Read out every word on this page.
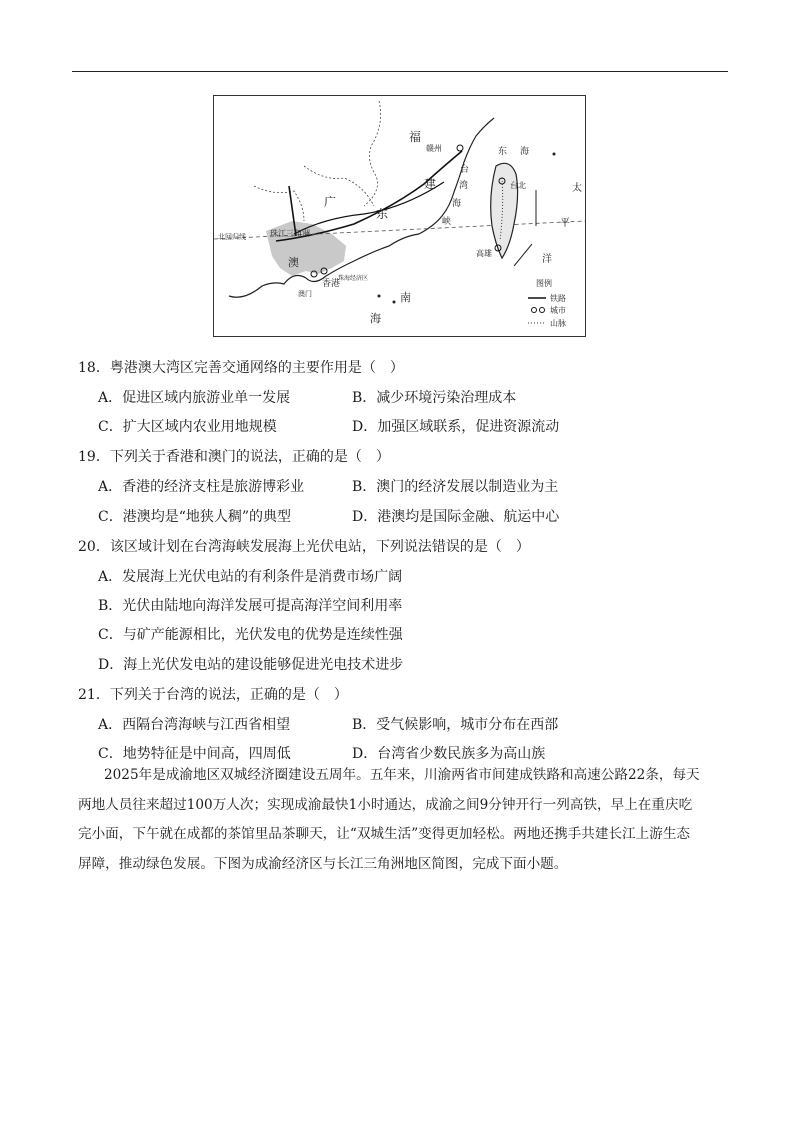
福
建
广
东
赣州
台
湾
海
峡
台北
高雄
东 海
太
平
洋
南
海
珠江三角洲
香港
澳门
澳
北回归线
珠海经济区
图例
铁路
城市
山脉
18．粤港澳大湾区完善交通网络的主要作用是（　）
A．促进区域内旅游业单一发展	B．减少环境污染治理成本
C．扩大区域内农业用地规模	D．加强区域联系，促进资源流动
19．下列关于香港和澳门的说法，正确的是（　）
A．香港的经济支柱是旅游博彩业	B．澳门的经济发展以制造业为主
C．港澳均是“地狭人稠”的典型	D．港澳均是国际金融、航运中心
20．该区域计划在台湾海峡发展海上光伏电站，下列说法错误的是（　）
A．发展海上光伏电站的有利条件是消费市场广阔
B．光伏由陆地向海洋发展可提高海洋空间利用率
C．与矿产能源相比，光伏发电的优势是连续性强
D．海上光伏发电站的建设能够促进光电技术进步
21．下列关于台湾的说法，正确的是（　）
A．西隔台湾海峡与江西省相望	B．受气候影响，城市分布在西部
C．地势特征是中间高，四周低	D．台湾省少数民族多为高山族
2025年是成渝地区双城经济圈建设五周年。五年来，川渝两省市间建成铁路和高速公路22条，每天
两地人员往来超过100万人次；实现成渝最快1小时通达，成渝之间9分钟开行一列高铁，早上在重庆吃
完小面，下午就在成都的茶馆里品茶聊天，让“双城生活”变得更加轻松。两地还携手共建长江上游生态
屏障，推动绿色发展。下图为成渝经济区与长江三角洲地区简图，完成下面小题。
